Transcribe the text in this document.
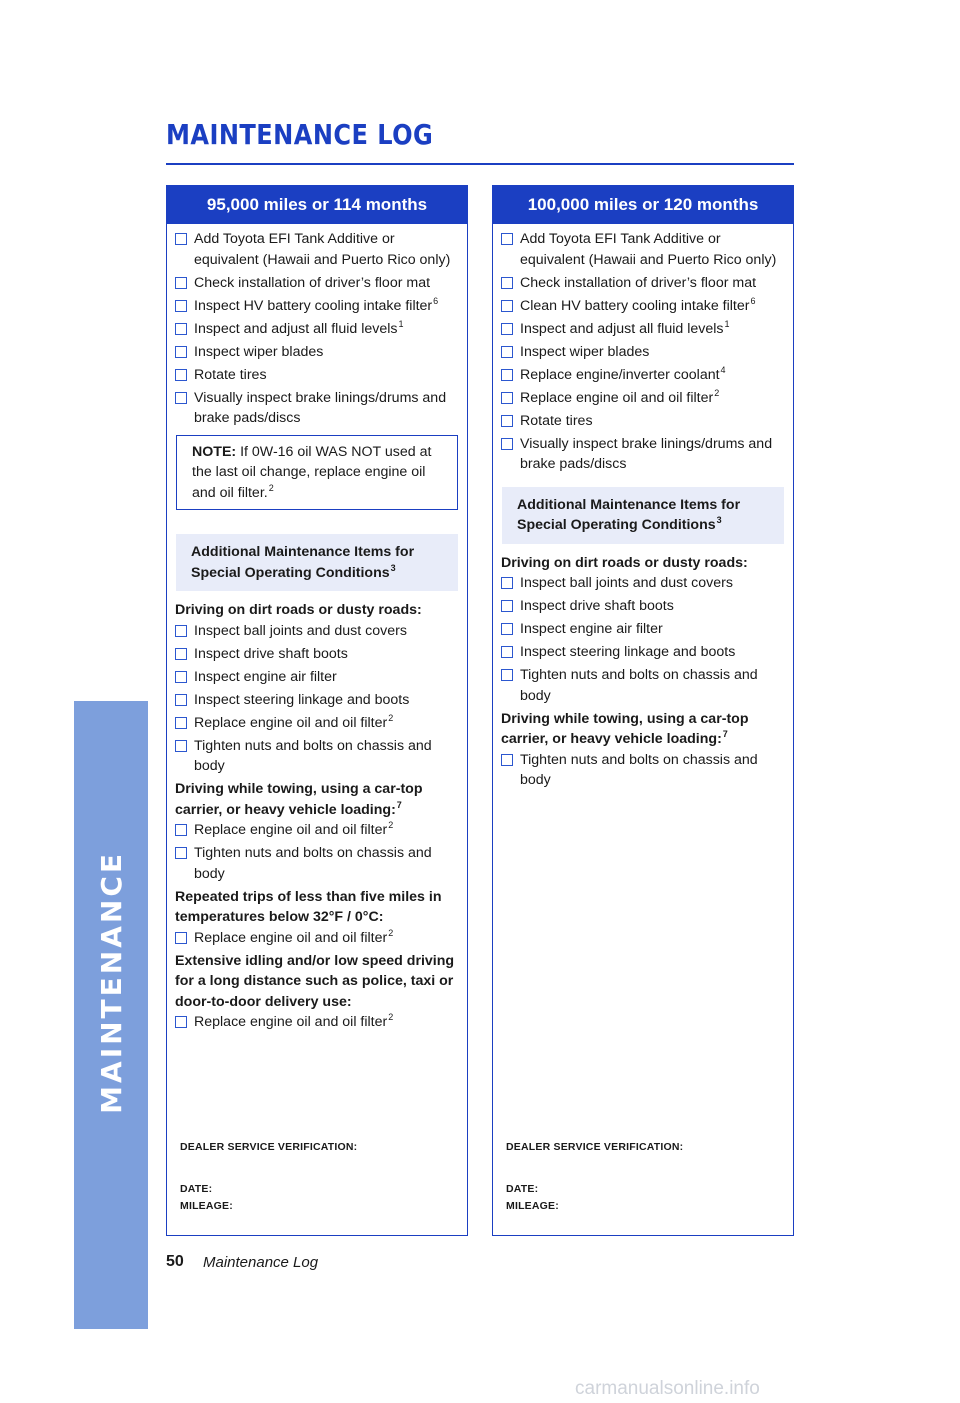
MAINTENANCE
MAINTENANCE LOG
95,000 miles or 114 months
Add Toyota EFI Tank Additive or equivalent (Hawaii and Puerto Rico only)
Check installation of driver’s floor mat
Inspect HV battery cooling intake filter$^6$
Inspect and adjust all fluid levels$^1$
Inspect wiper blades
Rotate tires
Visually inspect brake linings/drums and brake pads/discs
NOTE: If 0W-16 oil WAS NOT used at the last oil change, replace engine oil and oil filter.$^2$
Additional Maintenance Items for Special Operating Conditions$^3$
Driving on dirt roads or dusty roads:
Inspect ball joints and dust covers
Inspect drive shaft boots
Inspect engine air filter
Inspect steering linkage and boots
Replace engine oil and oil filter$^2$
Tighten nuts and bolts on chassis and body
Driving while towing, using a car-top carrier, or heavy vehicle loading:$^7$
Replace engine oil and oil filter$^2$
Tighten nuts and bolts on chassis and body
Repeated trips of less than five miles in temperatures below 32°F / 0°C:
Replace engine oil and oil filter$^2$
Extensive idling and/or low speed driving for a long distance such as police, taxi or door-to-door delivery use:
Replace engine oil and oil filter$^2$
DEALER SERVICE VERIFICATION:
DATE:
MILEAGE:
100,000 miles or 120 months
Add Toyota EFI Tank Additive or equivalent (Hawaii and Puerto Rico only)
Check installation of driver’s floor mat
Clean HV battery cooling intake filter$^6$
Inspect and adjust all fluid levels$^1$
Inspect wiper blades
Replace engine/inverter coolant$^4$
Replace engine oil and oil filter$^2$
Rotate tires
Visually inspect brake linings/drums and brake pads/discs
Additional Maintenance Items for Special Operating Conditions$^3$
Driving on dirt roads or dusty roads:
Inspect ball joints and dust covers
Inspect drive shaft boots
Inspect engine air filter
Inspect steering linkage and boots
Tighten nuts and bolts on chassis and body
Driving while towing, using a car-top carrier, or heavy vehicle loading:$^7$
Tighten nuts and bolts on chassis and body
DEALER SERVICE VERIFICATION:
DATE:
MILEAGE:
50 Maintenance Log
carmanualsonline.info
